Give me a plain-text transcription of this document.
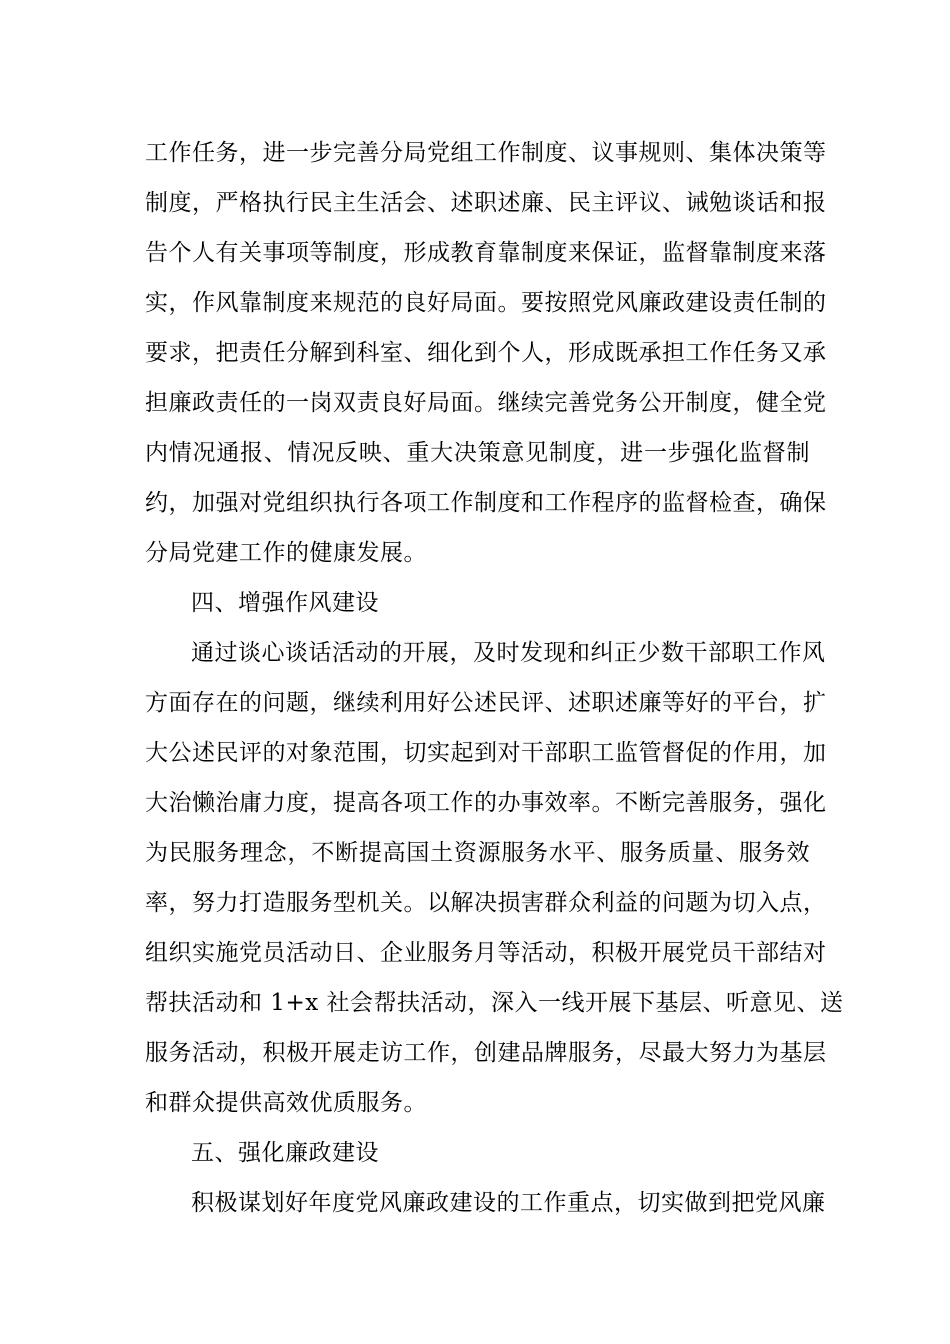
工作任务，进一步完善分局党组工作制度、议事规则、集体决策等
制度，严格执行民主生活会、述职述廉、民主评议、诫勉谈话和报
告个人有关事项等制度，形成教育靠制度来保证，监督靠制度来落
实，作风靠制度来规范的良好局面。要按照党风廉政建设责任制的
要求，把责任分解到科室、细化到个人，形成既承担工作任务又承
担廉政责任的一岗双责良好局面。继续完善党务公开制度，健全党
内情况通报、情况反映、重大决策意见制度，进一步强化监督制
约，加强对党组织执行各项工作制度和工作程序的监督检查，确保
分局党建工作的健康发展。
四、增强作风建设
通过谈心谈话活动的开展，及时发现和纠正少数干部职工作风
方面存在的问题，继续利用好公述民评、述职述廉等好的平台，扩
大公述民评的对象范围，切实起到对干部职工监管督促的作用，加
大治懒治庸力度，提高各项工作的办事效率。不断完善服务，强化
为民服务理念，不断提高国土资源服务水平、服务质量、服务效
率，努力打造服务型机关。以解决损害群众利益的问题为切入点，
组织实施党员活动日、企业服务月等活动，积极开展党员干部结对
帮扶活动和 1+x 社会帮扶活动，深入一线开展下基层、听意见、送
服务活动，积极开展走访工作，创建品牌服务，尽最大努力为基层
和群众提供高效优质服务。
五、强化廉政建设
积极谋划好年度党风廉政建设的工作重点，切实做到把党风廉
